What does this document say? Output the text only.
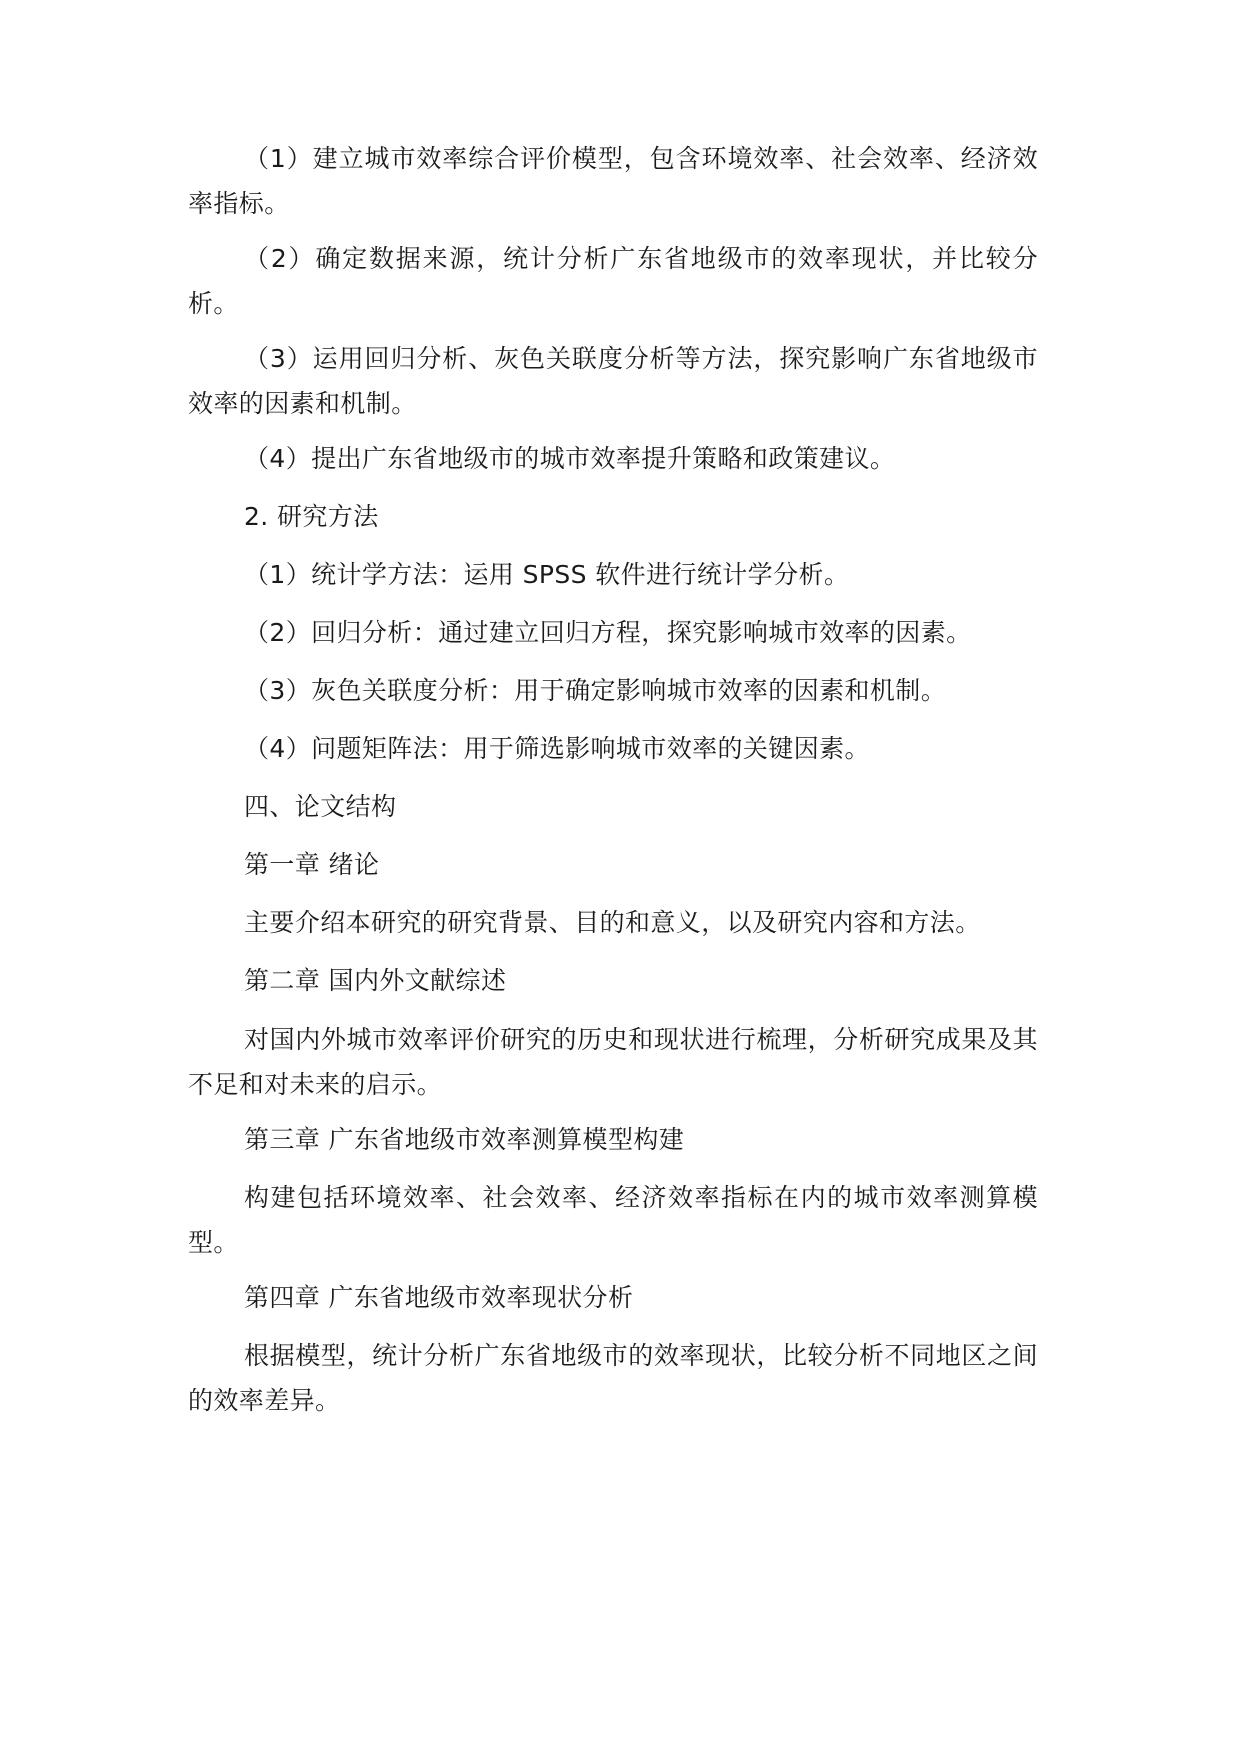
（1）建立城市效率综合评价模型，包含环境效率、社会效率、经济效率指标。

（2）确定数据来源，统计分析广东省地级市的效率现状，并比较分析。

（3）运用回归分析、灰色关联度分析等方法，探究影响广东省地级市效率的因素和机制。

（4）提出广东省地级市的城市效率提升策略和政策建议。

2. 研究方法

（1）统计学方法：运用 SPSS 软件进行统计学分析。

（2）回归分析：通过建立回归方程，探究影响城市效率的因素。

（3）灰色关联度分析：用于确定影响城市效率的因素和机制。

（4）问题矩阵法：用于筛选影响城市效率的关键因素。

四、论文结构

第一章 绪论

主要介绍本研究的研究背景、目的和意义，以及研究内容和方法。

第二章 国内外文献综述

对国内外城市效率评价研究的历史和现状进行梳理，分析研究成果及其不足和对未来的启示。

第三章 广东省地级市效率测算模型构建

构建包括环境效率、社会效率、经济效率指标在内的城市效率测算模型。

第四章 广东省地级市效率现状分析

根据模型，统计分析广东省地级市的效率现状，比较分析不同地区之间的效率差异。
